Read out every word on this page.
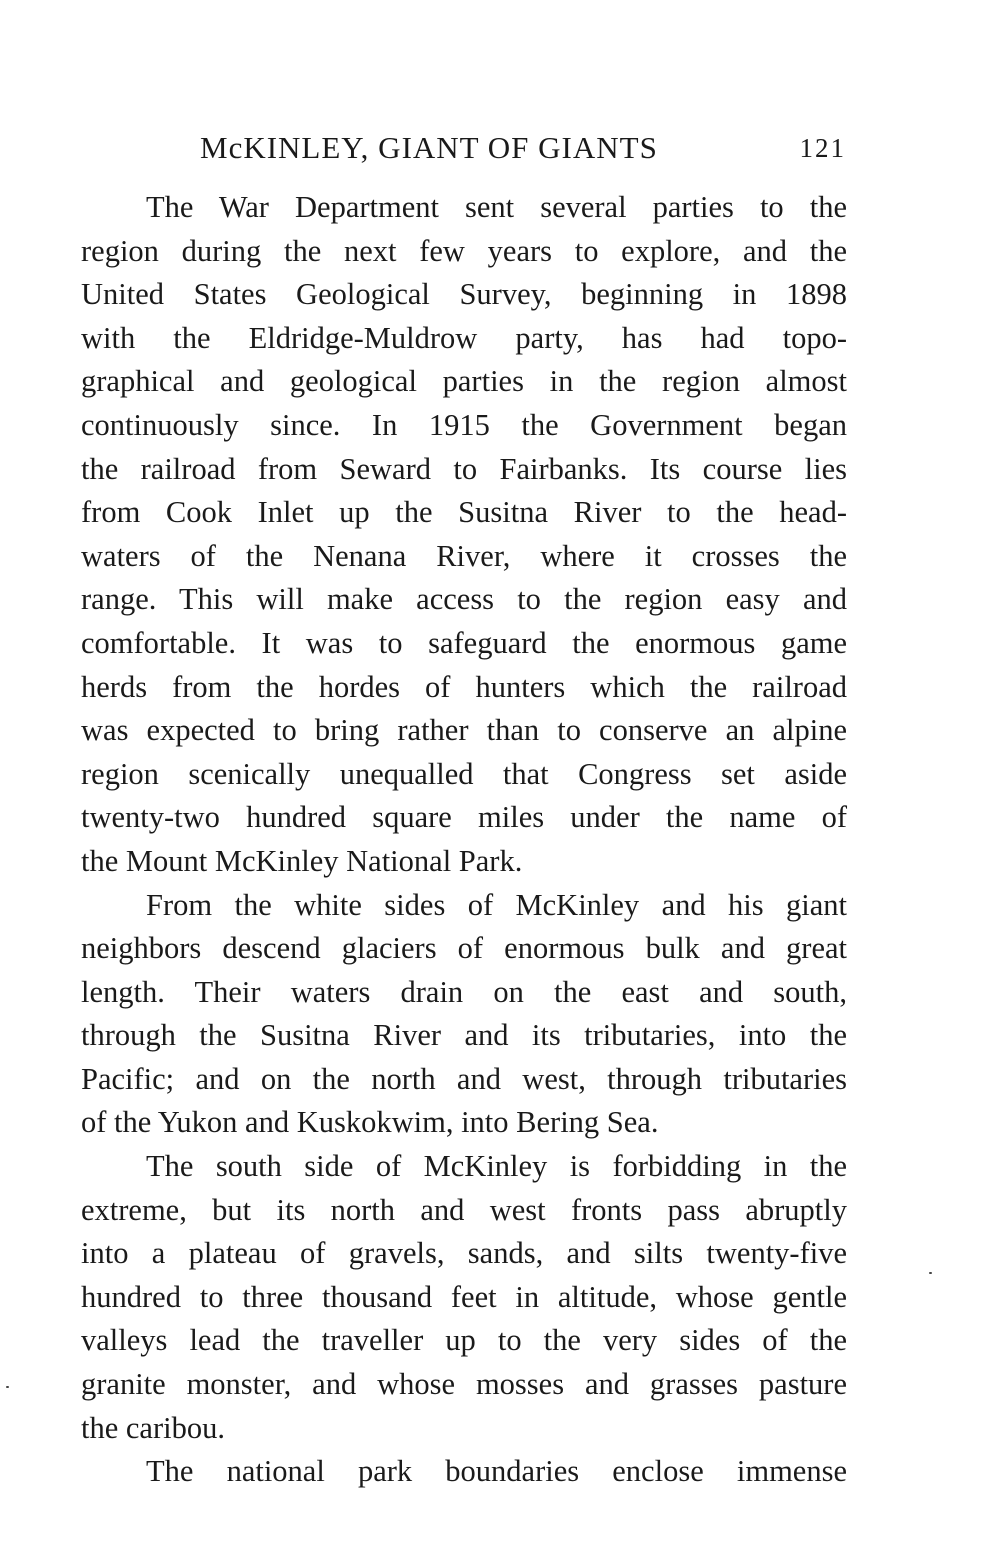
McKINLEY, GIANT OF GIANTS	121
The War Department sent several parties to the
region during the next few years to explore, and the
United States Geological Survey, beginning in 1898
with the Eldridge-Muldrow party, has had topo-
graphical and geological parties in the region almost
continuously since. In 1915 the Government began
the railroad from Seward to Fairbanks. Its course lies
from Cook Inlet up the Susitna River to the head-
waters of the Nenana River, where it crosses the
range. This will make access to the region easy and
comfortable. It was to safeguard the enormous game
herds from the hordes of hunters which the railroad
was expected to bring rather than to conserve an alpine
region scenically unequalled that Congress set aside
twenty-two hundred square miles under the name of
the Mount McKinley National Park.
From the white sides of McKinley and his giant
neighbors descend glaciers of enormous bulk and great
length. Their waters drain on the east and south,
through the Susitna River and its tributaries, into the
Pacific; and on the north and west, through tributaries
of the Yukon and Kuskokwim, into Bering Sea.
The south side of McKinley is forbidding in the
extreme, but its north and west fronts pass abruptly
into a plateau of gravels, sands, and silts twenty-five
hundred to three thousand feet in altitude, whose gentle
valleys lead the traveller up to the very sides of the
granite monster, and whose mosses and grasses pasture
the caribou.
The national park boundaries enclose immense
